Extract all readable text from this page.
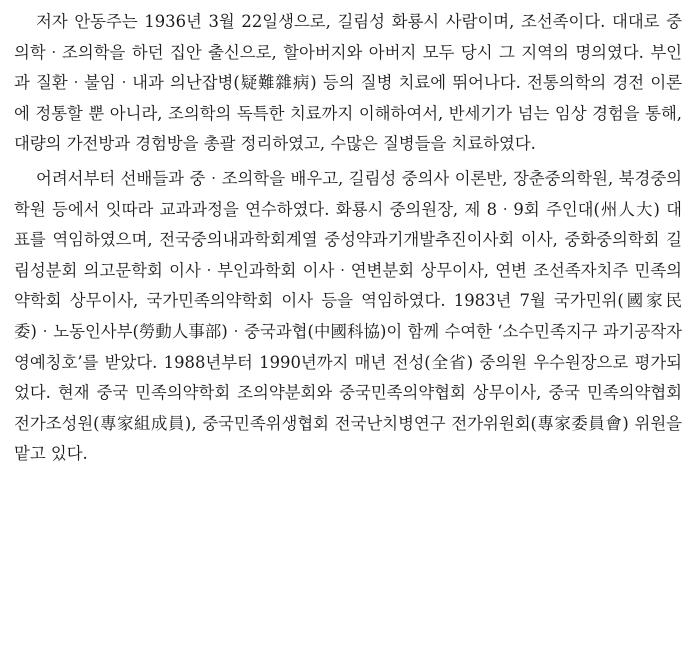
저자 안동주는 1936년 3월 22일생으로, 길림성 화룡시 사람이며, 조선족이다. 대대로 중의학‧조의학을 하던 집안 출신으로, 할아버지와 아버지 모두 당시 그 지역의 명의였다. 부인과 질환‧불임‧내과 의난잡병(疑難雜病) 등의 질병 치료에 뛰어나다. 전통의학의 경전 이론에 정통할 뿐 아니라, 조의학의 독특한 치료까지 이해하여서, 반세기가 넘는 임상 경험을 통해, 대량의 가전방과 경험방을 총괄 정리하였고, 수많은 질병들을 치료하였다.

어려서부터 선배들과 중‧조의학을 배우고, 길림성 중의사 이론반, 장춘중의학원, 북경중의학원 등에서 잇따라 교과과정을 연수하였다. 화룡시 중의원장, 제 8‧9회 주인대(州人大) 대표를 역임하였으며, 전국중의내과학회계열 중성약과기개발추진이사회 이사, 중화중의학회 길림성분회 의고문학회 이사‧부인과학회 이사‧연변분회 상무이사, 연변 조선족자치주 민족의약학회 상무이사, 국가민족의약학회 이사 등을 역임하였다. 1983년 7월 국가민위(國家民委)‧노동인사부(勞動人事部)‧중국과협(中國科協)이 함께 수여한 ‘소수민족지구 과기공작자 영예칭호’를 받았다. 1988년부터 1990년까지 매년 전성(全省) 중의원 우수원장으로 평가되었다. 현재 중국 민족의약학회 조의약분회와 중국민족의약협회 상무이사, 중국 민족의약협회 전가조성원(專家組成員), 중국민족위생협회 전국난치병연구 전가위원회(專家委員會) 위원을 맡고 있다.
